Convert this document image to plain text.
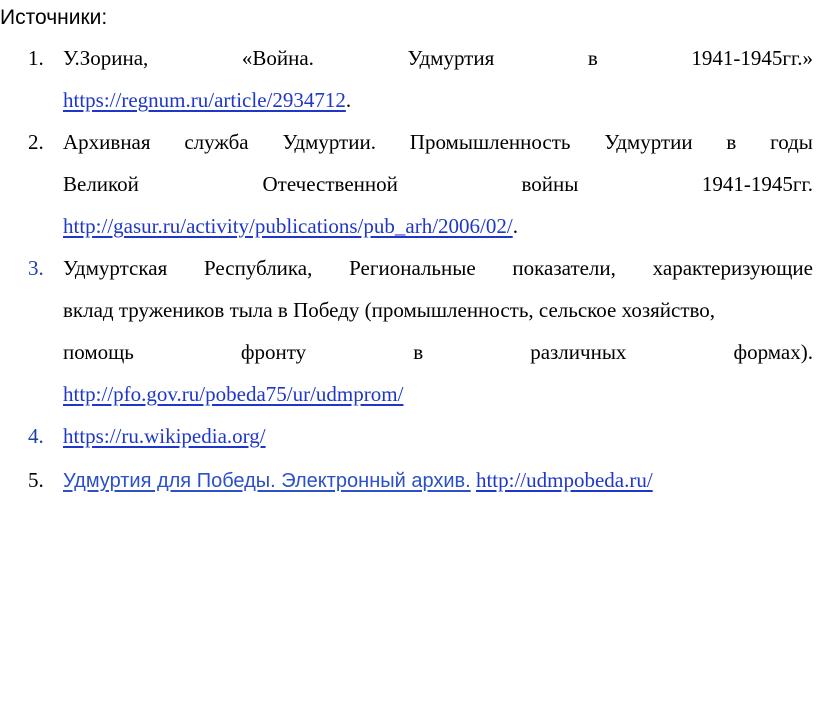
Источники:
1. У.Зорина,	«Война.	Удмуртия	в	1941-1945гг.»
https://regnum.ru/article/2934712.
2. Архивная служба Удмуртии. Промышленность Удмуртии в годы
Великой	Отечественной	войны	1941-1945гг.
http://gasur.ru/activity/publications/pub_arh/2006/02/.
3. Удмуртская Республика, Региональные показатели, характеризующие
вклад тружеников тыла в Победу (промышленность, сельское хозяйство,
помощь	фронту	в	различных	формах).
http://pfo.gov.ru/pobeda75/ur/udmprom/
4. https://ru.wikipedia.org/
5. Удмуртия для Победы. Электронный архив. http://udmpobeda.ru/
